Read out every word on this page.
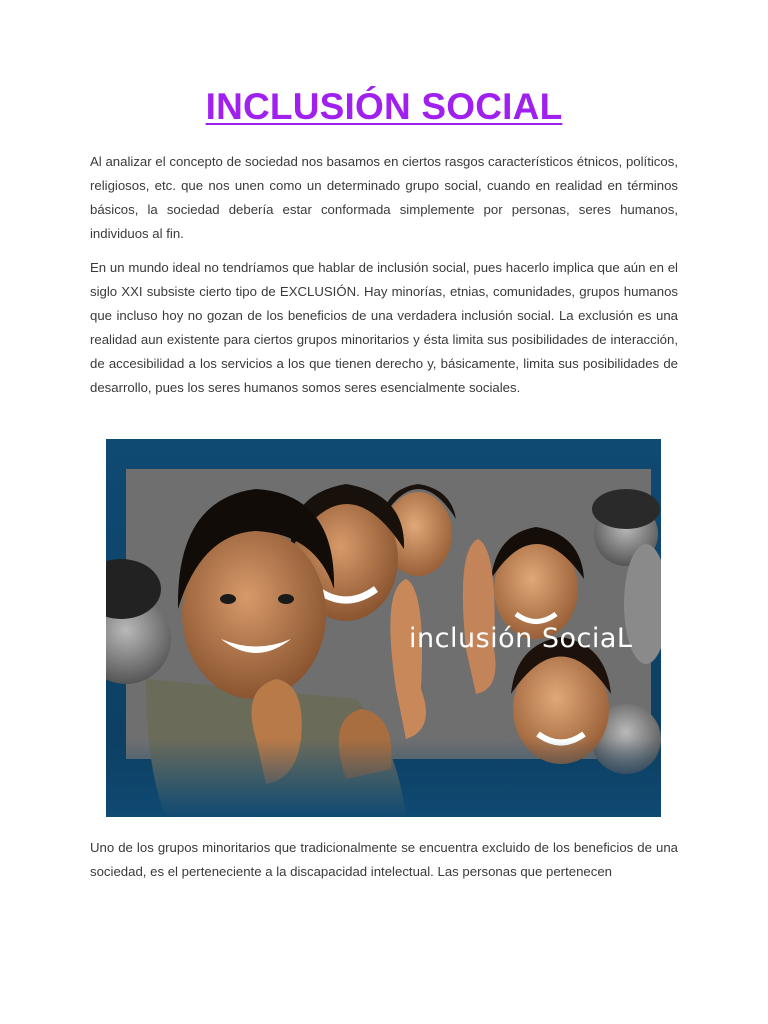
INCLUSIÓN SOCIAL

Al analizar el concepto de sociedad nos basamos en ciertos rasgos característicos étnicos, políticos, religiosos, etc. que nos unen como un determinado grupo social, cuando en realidad en términos básicos, la sociedad debería estar conformada simplemente por personas, seres humanos, individuos al fin.

En un mundo ideal no tendríamos que hablar de inclusión social, pues hacerlo implica que aún en el siglo XXI subsiste cierto tipo de EXCLUSIÓN. Hay minorías, etnias, comunidades, grupos humanos que incluso hoy no gozan de los beneficios de una verdadera inclusión social. La exclusión es una realidad aun existente para ciertos grupos minoritarios y ésta limita sus posibilidades de interacción, de accesibilidad a los servicios a los que tienen derecho y, básicamente, limita sus posibilidades de desarrollo, pues los seres humanos somos seres esencialmente sociales.

inclusión SociaL

Uno de los grupos minoritarios que tradicionalmente se encuentra excluido de los beneficios de una sociedad, es el perteneciente a la discapacidad intelectual. Las personas que pertenecen
